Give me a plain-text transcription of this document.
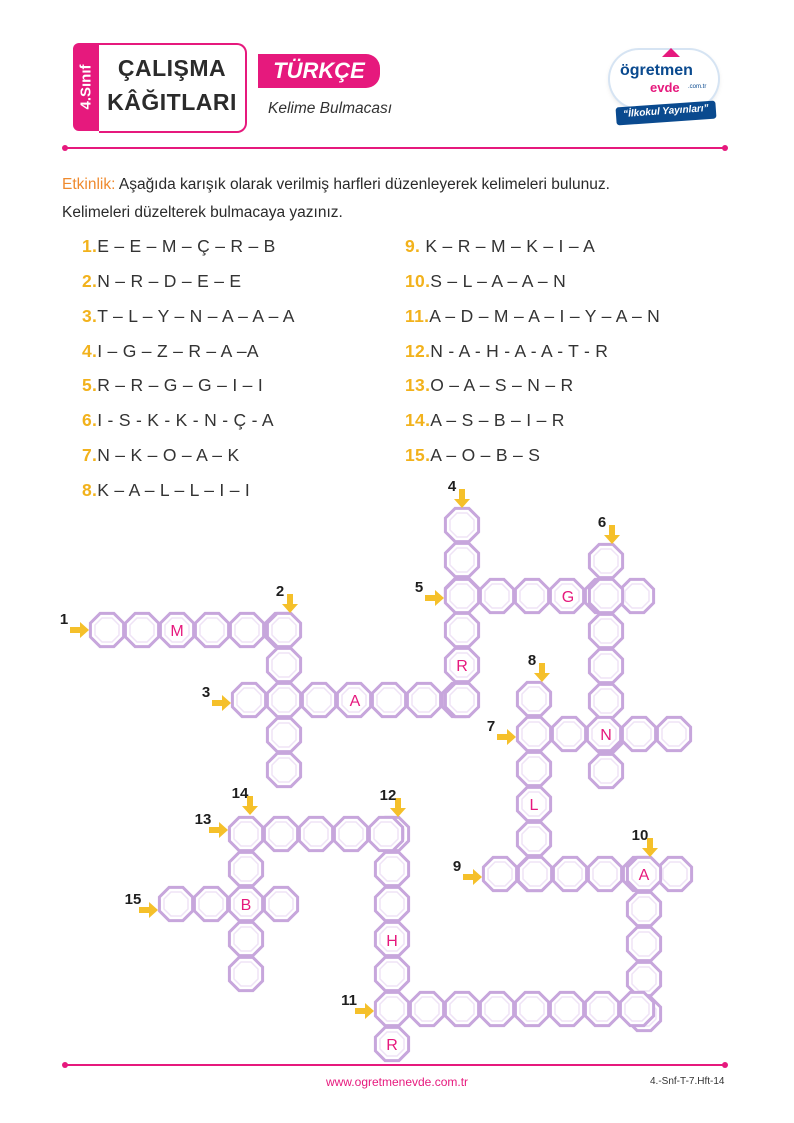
4.Sınıf	ÇALIŞMA
KÂĞITLARI
TÜRKÇE
Kelime Bulmacası
ögretmen
evde .com.tr
“İlkokul Yayınları”
Etkinlik: Aşağıda karışık olarak verilmiş harfleri düzenleyerek kelimeleri bulunuz.
Kelimeleri düzelterek bulmacaya yazınız.
1.E – E – M – Ç – R – B
2.N – R – D – E – E
3.T – L – Y – N – A – A – A
4.I – G – Z – R – A –A
5.R – R – G – G – I – I
6.I - S - K - K - N - Ç - A
7.N – K – O – A – K
8.K – A – L – L – I – I
9. K – R – M – K – I – A
10.S – L – A – A – N
11.A – D – M – A – I – Y – A – N
12.N - A - H - A - A - T - R
13.O – A – S – N – R
14.A – S – B – I – R
15.A – O – B – S
M
G
R
A
N
L
A
B
H
R
1
2
3
4
5
6
7
8
9
10
11
12
13
14
15
www.ogretmenevde.com.tr	4.-Snf-T-7.Hft-14
